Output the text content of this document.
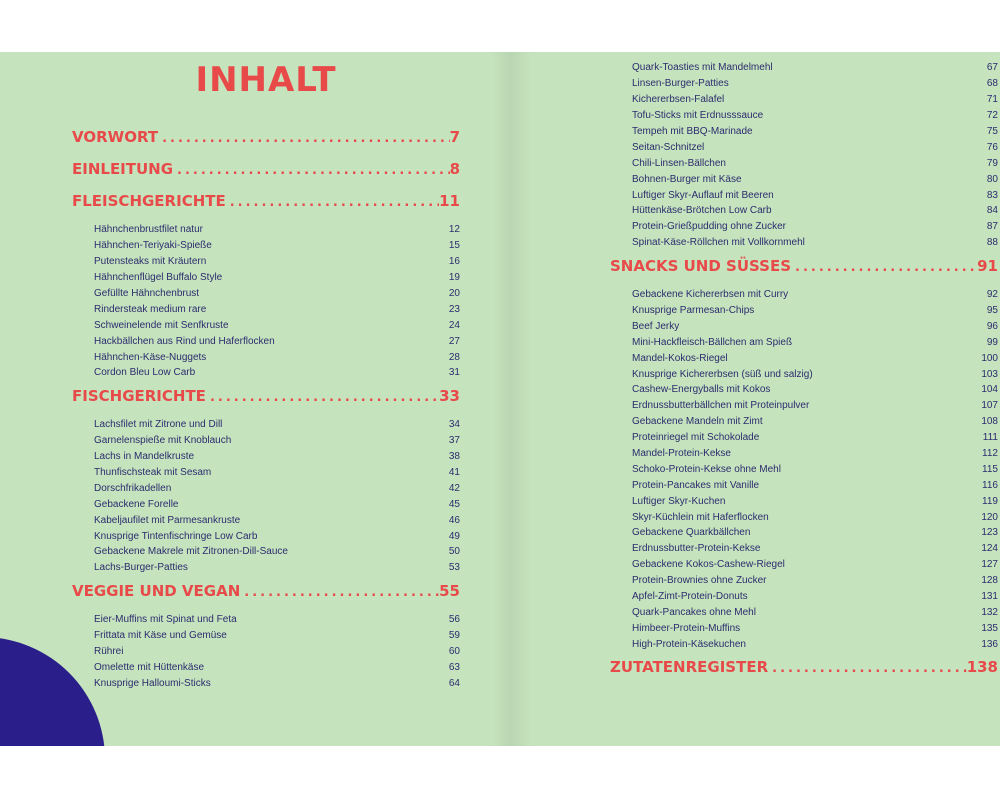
INHALT
VORWORT .....	7
EINLEITUNG .....	8
FLEISCHGERICHTE .....	11
Hähnchenbrustfilet natur	12
Hähnchen-Teriyaki-Spieße	15
Putensteaks mit Kräutern	16
Hähnchenflügel Buffalo Style	19
Gefüllte Hähnchenbrust	20
Rindersteak medium rare	23
Schweinelende mit Senfkruste	24
Hackbällchen aus Rind und Haferflocken	27
Hähnchen-Käse-Nuggets	28
Cordon Bleu Low Carb	31
FISCHGERICHTE .....	33
Lachsfilet mit Zitrone und Dill	34
Garnelenspieße mit Knoblauch	37
Lachs in Mandelkruste	38
Thunfischsteak mit Sesam	41
Dorschfrikadellen	42
Gebackene Forelle	45
Kabeljaufilet mit Parmesankruste	46
Knusprige Tintenfischringe Low Carb	49
Gebackene Makrele mit Zitronen-Dill-Sauce	50
Lachs-Burger-Patties	53
VEGGIE UND VEGAN .....	55
Eier-Muffins mit Spinat und Feta	56
Frittata mit Käse und Gemüse	59
Rührei	60
Omelette mit Hüttenkäse	63
Knusprige Halloumi-Sticks	64
Quark-Toasties mit Mandelmehl	67
Linsen-Burger-Patties	68
Kichererbsen-Falafel	71
Tofu-Sticks mit Erdnusssauce	72
Tempeh mit BBQ-Marinade	75
Seitan-Schnitzel	76
Chili-Linsen-Bällchen	79
Bohnen-Burger mit Käse	80
Luftiger Skyr-Auflauf mit Beeren	83
Hüttenkäse-Brötchen Low Carb	84
Protein-Grießpudding ohne Zucker	87
Spinat-Käse-Röllchen mit Vollkornmehl	88
SNACKS UND SÜSSES .....	91
Gebackene Kichererbsen mit Curry	92
Knusprige Parmesan-Chips	95
Beef Jerky	96
Mini-Hackfleisch-Bällchen am Spieß	99
Mandel-Kokos-Riegel	100
Knusprige Kichererbsen (süß und salzig)	103
Cashew-Energyballs mit Kokos	104
Erdnussbutterbällchen mit Proteinpulver	107
Gebackene Mandeln mit Zimt	108
Proteinriegel mit Schokolade	111
Mandel-Protein-Kekse	112
Schoko-Protein-Kekse ohne Mehl	115
Protein-Pancakes mit Vanille	116
Luftiger Skyr-Kuchen	119
Skyr-Küchlein mit Haferflocken	120
Gebackene Quarkbällchen	123
Erdnussbutter-Protein-Kekse	124
Gebackene Kokos-Cashew-Riegel	127
Protein-Brownies ohne Zucker	128
Apfel-Zimt-Protein-Donuts	131
Quark-Pancakes ohne Mehl	132
Himbeer-Protein-Muffins	135
High-Protein-Käsekuchen	136
ZUTATENREGISTER .....	138
